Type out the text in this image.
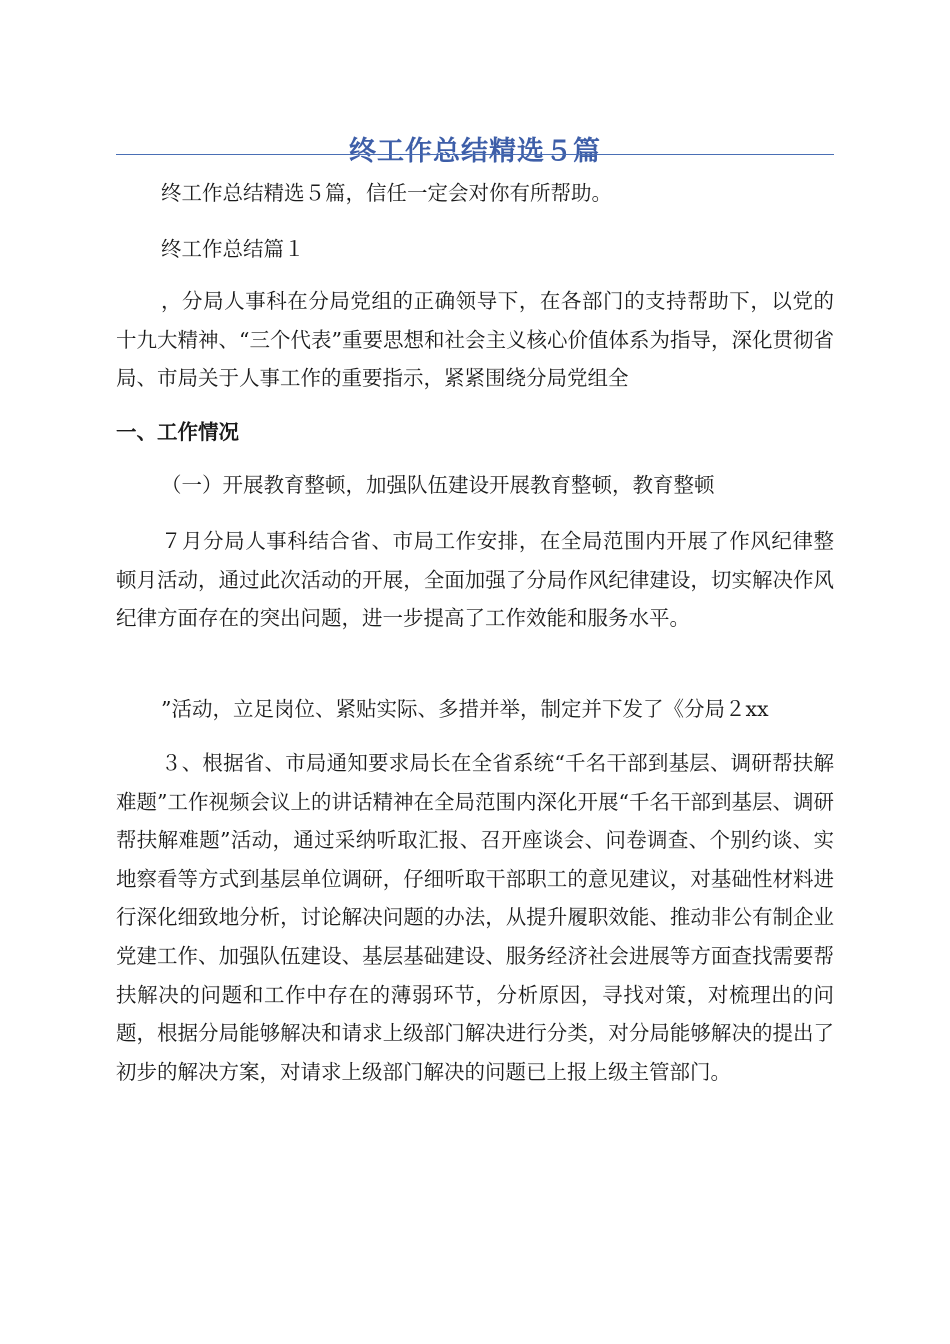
终工作总结精选５篇

终工作总结精选５篇，信任一定会对你有所帮助。

终工作总结篇１

，分局人事科在分局党组的正确领导下，在各部门的支持帮助下，以党的十九大精神、“三个代表”重要思想和社会主义核心价值体系为指导，深化贯彻省局、市局关于人事工作的重要指示，紧紧围绕分局党组全

一、工作情况

（一）开展教育整顿，加强队伍建设开展教育整顿，教育整顿

７月分局人事科结合省、市局工作安排，在全局范围内开展了作风纪律整顿月活动，通过此次活动的开展，全面加强了分局作风纪律建设，切实解决作风纪律方面存在的突出问题，进一步提高了工作效能和服务水平。

”活动，立足岗位、紧贴实际、多措并举，制定并下发了《分局２xx

３、根据省、市局通知要求局长在全省系统“千名干部到基层、调研帮扶解难题”工作视频会议上的讲话精神在全局范围内深化开展“千名干部到基层、调研帮扶解难题”活动，通过采纳听取汇报、召开座谈会、问卷调查、个别约谈、实地察看等方式到基层单位调研，仔细听取干部职工的意见建议，对基础性材料进行深化细致地分析，讨论解决问题的办法，从提升履职效能、推动非公有制企业党建工作、加强队伍建设、基层基础建设、服务经济社会进展等方面查找需要帮扶解决的问题和工作中存在的薄弱环节，分析原因，寻找对策，对梳理出的问题，根据分局能够解决和请求上级部门解决进行分类，对分局能够解决的提出了初步的解决方案，对请求上级部门解决的问题已上报上级主管部门。
